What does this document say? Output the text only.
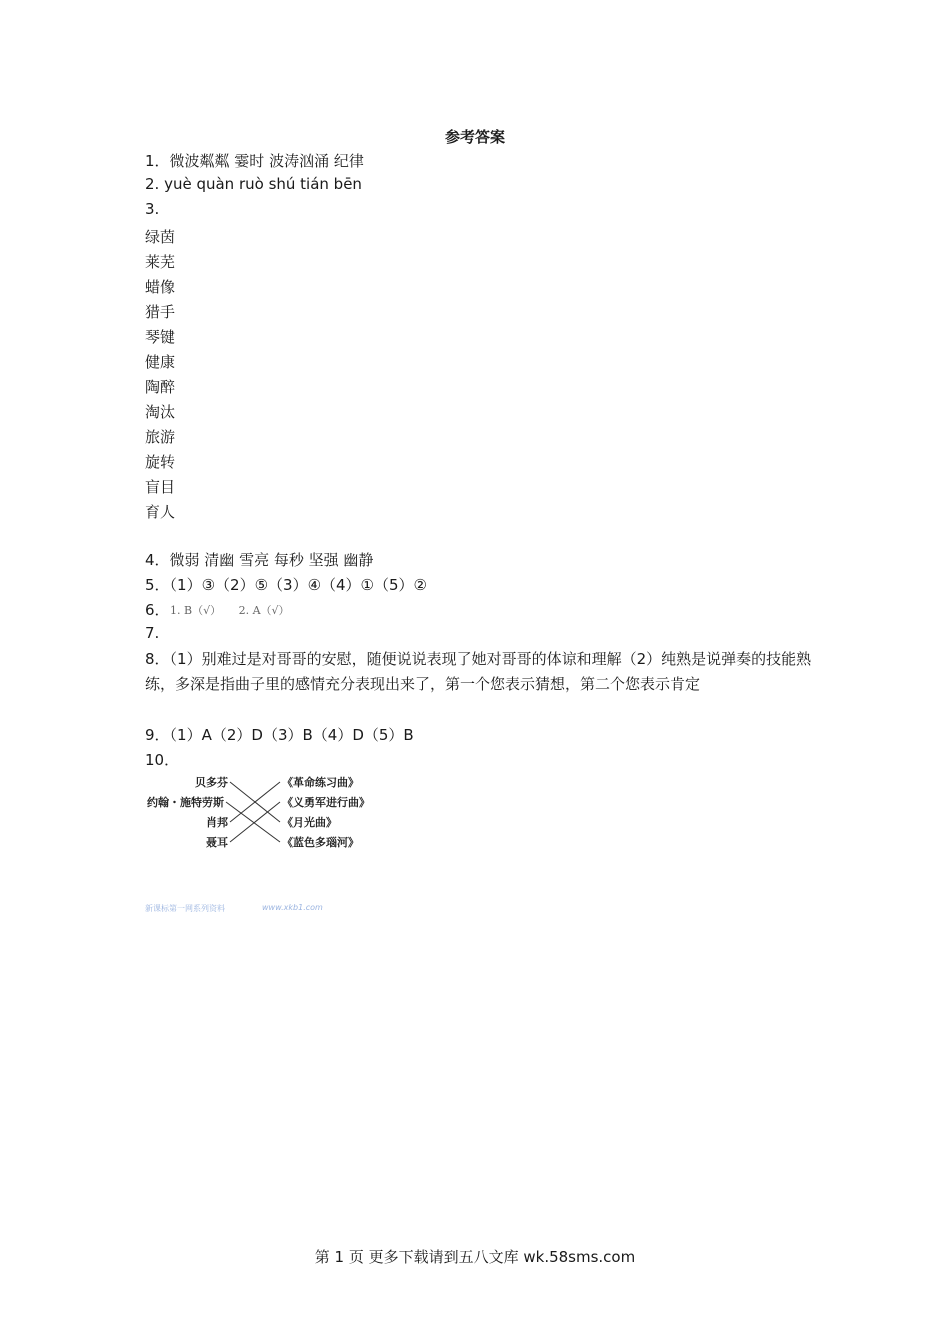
参考答案
1．微波粼粼 霎时 波涛汹涌 纪律
2. yuè quàn ruò shú tián bēn
3.
绿茵
莱芜
蜡像
猎手
琴键
健康
陶醉
淘汰
旅游
旋转
盲目
育人
4．微弱 清幽 雪亮 每秒 坚强 幽静
5．（1）③（2）⑤（3）④（4）①（5）②
6． 1. B（√） 2. A（√）
7.
8．（1）别难过是对哥哥的安慰，随便说说表现了她对哥哥的体谅和理解（2）纯熟是说弹奏的技能熟练，多深是指曲子里的感情充分表现出来了，第一个您表示猜想，第二个您表示肯定
9．（1）A（2）D（3）B（4）D（5）B
10．
贝多芬
约翰・施特劳斯
肖邦
聂耳
《革命练习曲》
《义勇军进行曲》
《月光曲》
《蓝色多瑙河》
新课标第一网系列资料	www.xkb1.com
第 1 页 更多下载请到五八文库 wk.58sms.com
